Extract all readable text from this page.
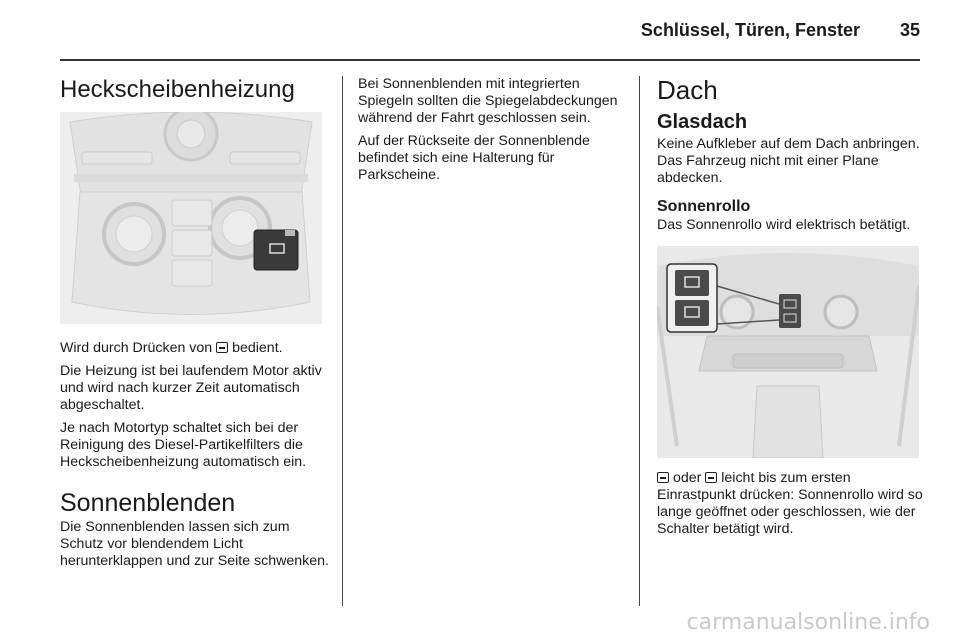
Schlüssel, Türen, Fenster	35
Heckscheibenheizung

Wird durch Drücken von bedient.

Die Heizung ist bei laufendem Motor aktiv und wird nach kurzer Zeit automatisch abgeschaltet.

Je nach Motortyp schaltet sich bei der Reinigung des Diesel-Partikelfilters die Heckscheibenheizung automatisch ein.

Sonnenblenden

Die Sonnenblenden lassen sich zum Schutz vor blendendem Licht herunterklappen und zur Seite schwenken.

Bei Sonnenblenden mit integrierten Spiegeln sollten die Spiegelabdeckungen während der Fahrt geschlossen sein.

Auf der Rückseite der Sonnenblende befindet sich eine Halterung für Parkscheine.

Dach
Glasdach

Keine Aufkleber auf dem Dach anbringen. Das Fahrzeug nicht mit einer Plane abdecken.

Sonnenrollo

Das Sonnenrollo wird elektrisch betätigt.

oder leicht bis zum ersten Einrastpunkt drücken: Sonnenrollo wird so lange geöffnet oder geschlossen, wie der Schalter betätigt wird.

carmanualsonline.info
